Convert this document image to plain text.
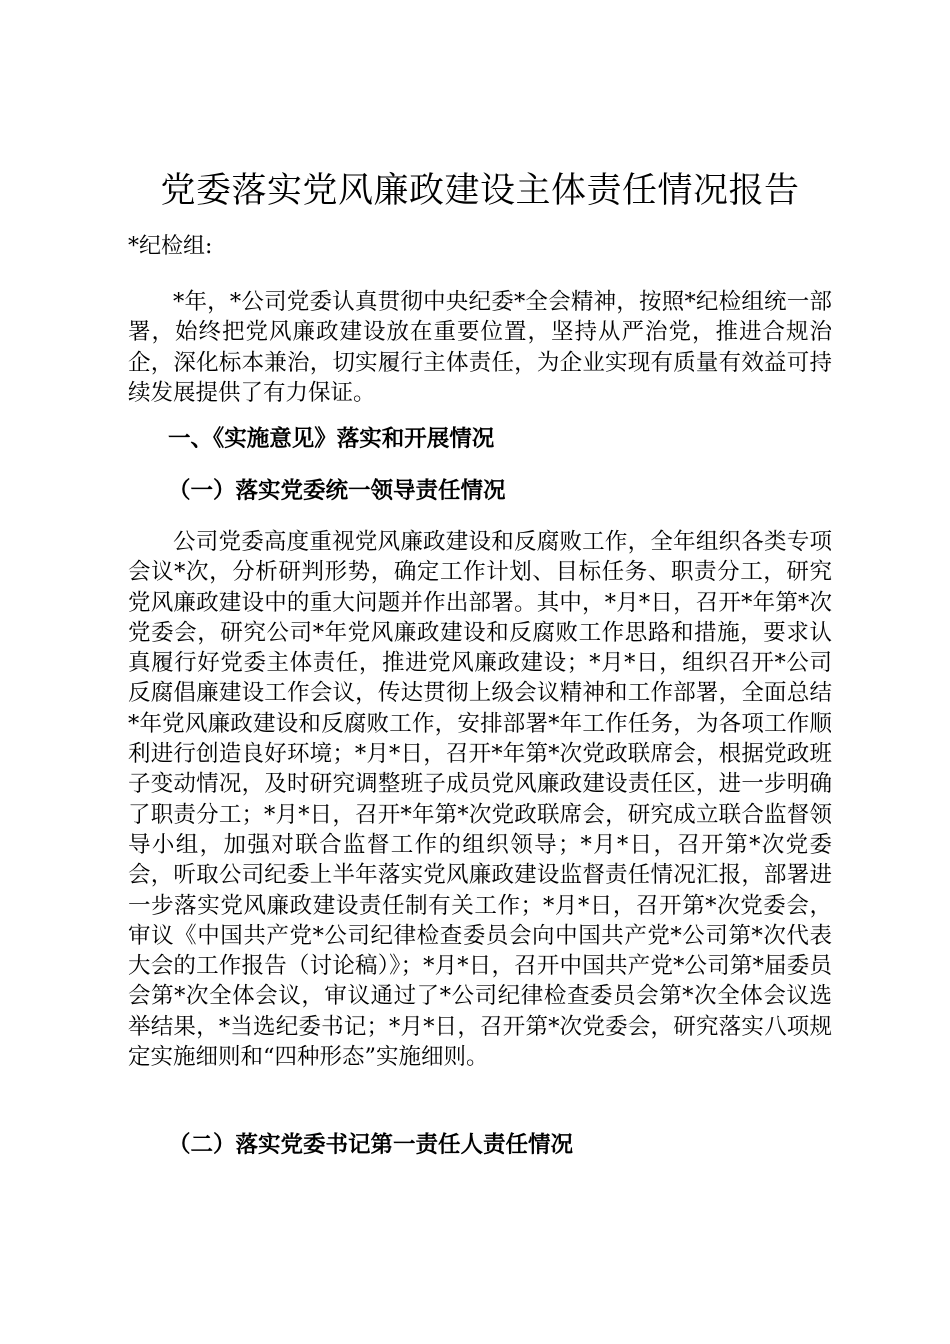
党委落实党风廉政建设主体责任情况报告
*纪检组:

*年，*公司党委认真贯彻中央纪委*全会精神，按照*纪检组统一部署，始终把党风廉政建设放在重要位置，坚持从严治党，推进合规治企，深化标本兼治，切实履行主体责任，为企业实现有质量有效益可持续发展提供了有力保证。

一、《实施意见》落实和开展情况
（一）落实党委统一领导责任情况

公司党委高度重视党风廉政建设和反腐败工作，全年组织各类专项会议*次，分析研判形势，确定工作计划、目标任务、职责分工，研究党风廉政建设中的重大问题并作出部署。其中，*月*日，召开*年第*次党委会，研究公司*年党风廉政建设和反腐败工作思路和措施，要求认真履行好党委主体责任，推进党风廉政建设；*月*日，组织召开*公司反腐倡廉建设工作会议，传达贯彻上级会议精神和工作部署，全面总结*年党风廉政建设和反腐败工作，安排部署*年工作任务，为各项工作顺利进行创造良好环境；*月*日，召开*年第*次党政联席会，根据党政班子变动情况，及时研究调整班子成员党风廉政建设责任区，进一步明确了职责分工；*月*日，召开*年第*次党政联席会，研究成立联合监督领导小组，加强对联合监督工作的组织领导；*月*日，召开第*次党委会，听取公司纪委上半年落实党风廉政建设监督责任情况汇报，部署进一步落实党风廉政建设责任制有关工作；*月*日，召开第*次党委会，审议《中国共产党*公司纪律检查委员会向中国共产党*公司第*次代表大会的工作报告（讨论稿）》；*月*日，召开中国共产党*公司第*届委员会第*次全体会议，审议通过了*公司纪律检查委员会第*次全体会议选举结果，*当选纪委书记；*月*日，召开第*次党委会，研究落实八项规定实施细则和“四种形态”实施细则。

（二）落实党委书记第一责任人责任情况
